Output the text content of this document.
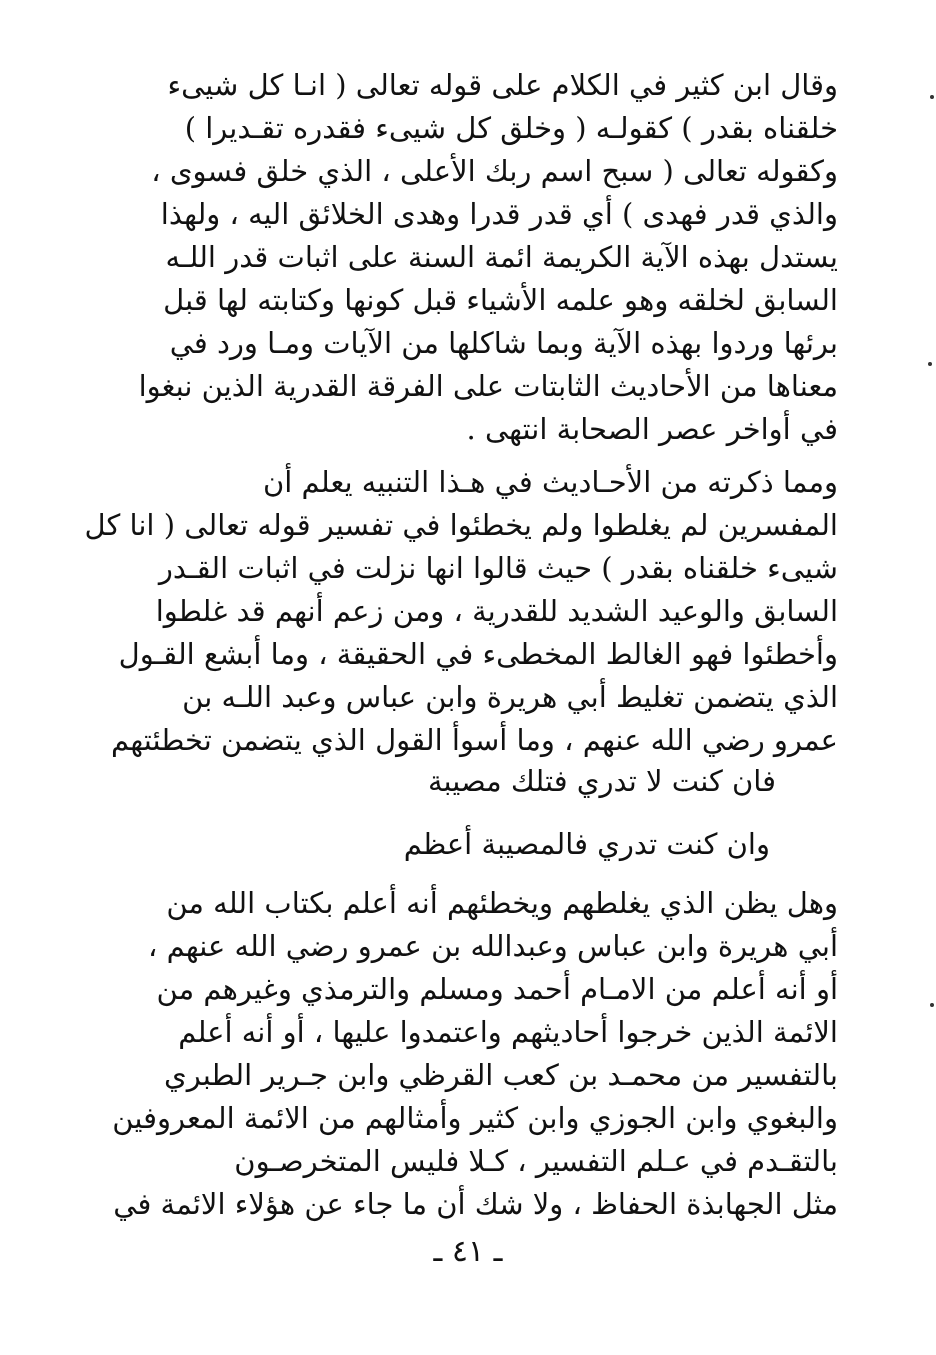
وقال ابن كثير في الكلام على قوله تعالى ( انـا كل شيىء
خلقناه بقدر ) كقولـه ( وخلق كل شيىء فقدره تقـديرا )
وكقوله تعالى ( سبح اسم ربك الأعلى ، الذي خلق فسوى ،
والذي قدر فهدى ) أي قدر قدرا وهدى الخلائق اليه ، ولهذا
يستدل بهذه الآية الكريمة ائمة السنة على اثبات قدر اللـه
السابق لخلقه وهو علمه الأشياء قبل كونها وكتابته لها قبل
برئها وردوا بهذه الآية وبما شاكلها من الآيات ومـا ورد في
معناها من الأحاديث الثابتات على الفرقة القدرية الذين نبغوا
في أواخر عصر الصحابة انتهى .
ومما ذكرته من الأحـاديث في هـذا التنبيه يعلم أن
المفسرين لم يغلطوا ولم يخطئوا في تفسير قوله تعالى ( انا كل
شيىء خلقناه بقدر ) حيث قالوا انها نزلت في اثبات القـدر
السابق والوعيد الشديد للقدرية ، ومن زعم أنهم قد غلطوا
وأخطئوا فهو الغالط المخطىء في الحقيقة ، وما أبشع القـول
الذي يتضمن تغليط أبي هريرة وابن عباس وعبد اللـه بن
عمرو رضي الله عنهم ، وما أسوأ القول الذي يتضمن تخطئتهم
فان كنت لا تدري فتلك مصيبة
وان كنت تدري فالمصيبة أعظم
وهل يظن الذي يغلطهم ويخطئهم أنه أعلم بكتاب الله من
أبي هريرة وابن عباس وعبدالله بن عمرو رضي الله عنهم ،
أو أنه أعلم من الامـام أحمد ومسلم والترمذي وغيرهم من
الائمة الذين خرجوا أحاديثهم واعتمدوا عليها ، أو أنه أعلم
بالتفسير من محمـد بن كعب القرظي وابن جـرير الطبري
والبغوي وابن الجوزي وابن كثير وأمثالهم من الائمة المعروفين
بالتقـدم في عـلم التفسير ، كـلا فليس المتخرصـون
مثل الجهابذة الحفاظ ، ولا شك أن ما جاء عن هؤلاء الائمة في
ـ ٤١ ـ
